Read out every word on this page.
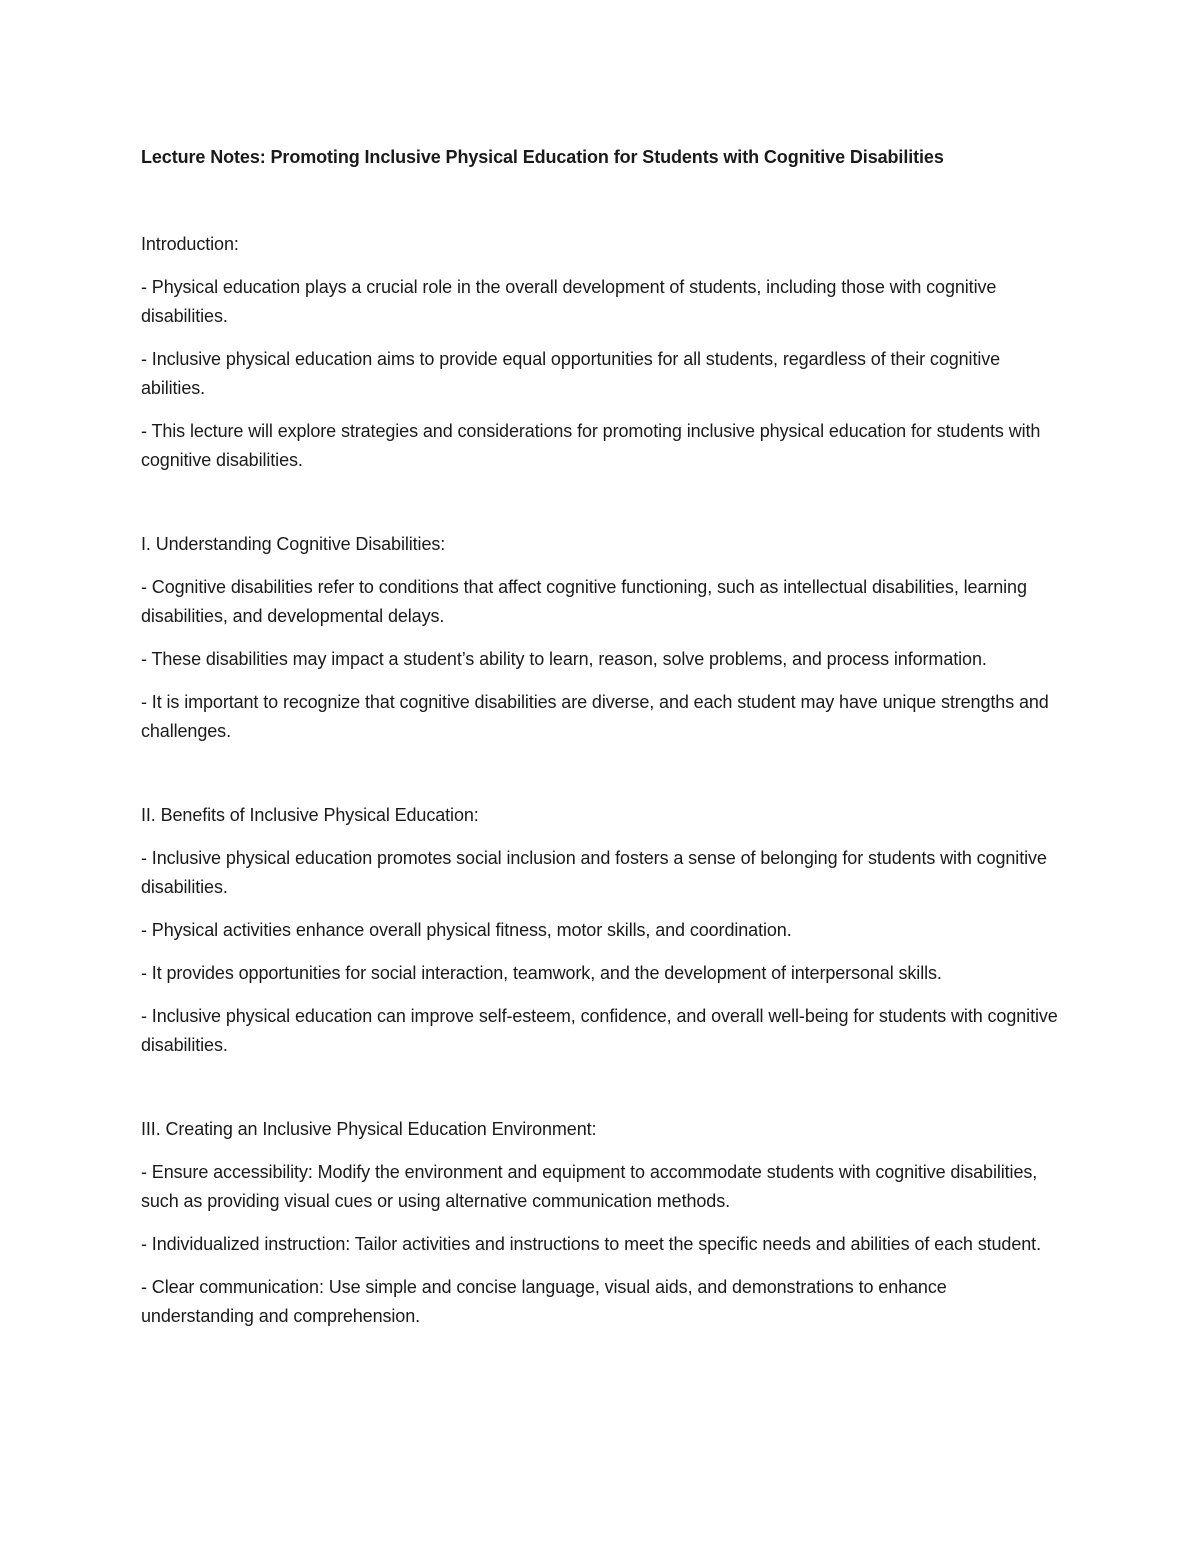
Lecture Notes: Promoting Inclusive Physical Education for Students with Cognitive Disabilities

Introduction:

- Physical education plays a crucial role in the overall development of students, including those with cognitive disabilities.

- Inclusive physical education aims to provide equal opportunities for all students, regardless of their cognitive abilities.

- This lecture will explore strategies and considerations for promoting inclusive physical education for students with cognitive disabilities.

I. Understanding Cognitive Disabilities:

- Cognitive disabilities refer to conditions that affect cognitive functioning, such as intellectual disabilities, learning disabilities, and developmental delays.

- These disabilities may impact a student’s ability to learn, reason, solve problems, and process information.

- It is important to recognize that cognitive disabilities are diverse, and each student may have unique strengths and challenges.

II. Benefits of Inclusive Physical Education:

- Inclusive physical education promotes social inclusion and fosters a sense of belonging for students with cognitive disabilities.

- Physical activities enhance overall physical fitness, motor skills, and coordination.

- It provides opportunities for social interaction, teamwork, and the development of interpersonal skills.

- Inclusive physical education can improve self-esteem, confidence, and overall well-being for students with cognitive disabilities.

III. Creating an Inclusive Physical Education Environment:

- Ensure accessibility: Modify the environment and equipment to accommodate students with cognitive disabilities, such as providing visual cues or using alternative communication methods.

- Individualized instruction: Tailor activities and instructions to meet the specific needs and abilities of each student.

- Clear communication: Use simple and concise language, visual aids, and demonstrations to enhance understanding and comprehension.
